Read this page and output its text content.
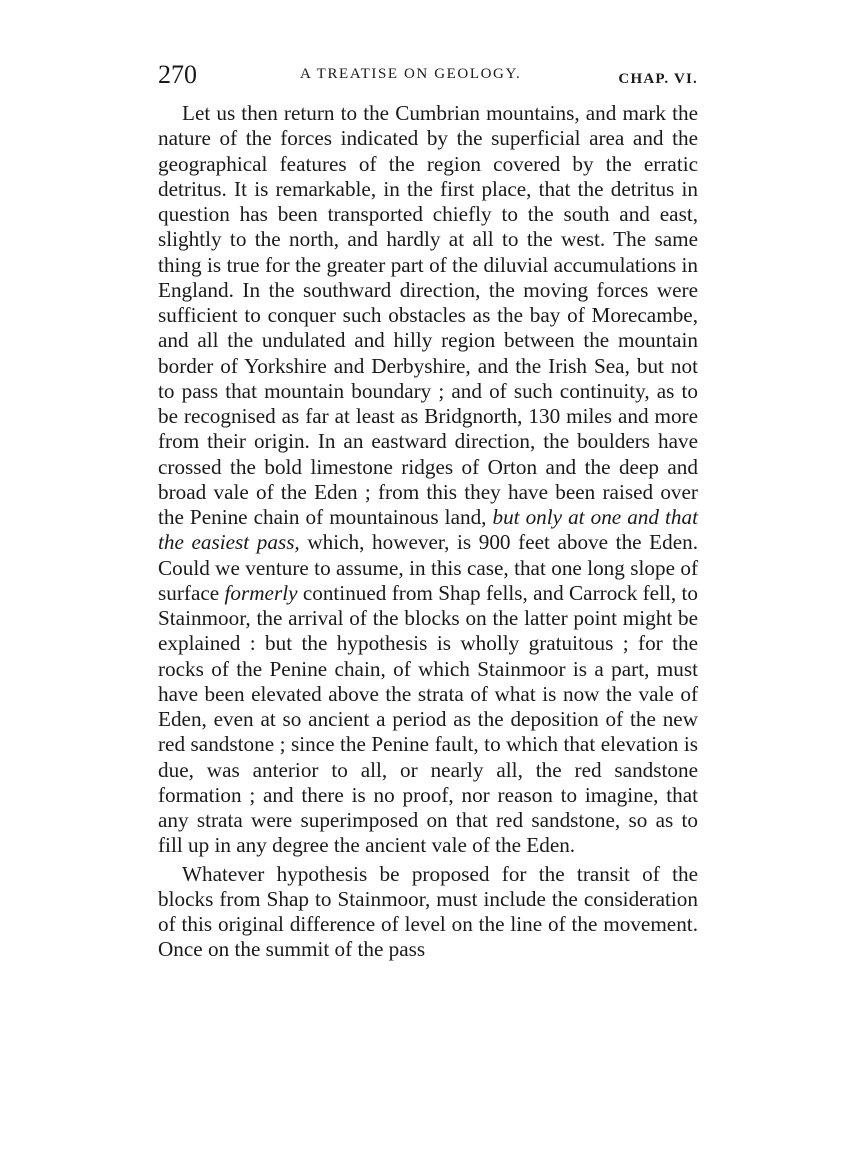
270	A TREATISE ON GEOLOGY.	CHAP. VI.

Let us then return to the Cumbrian mountains, and mark the nature of the forces indicated by the superficial area and the geographical features of the region covered by the erratic detritus. It is remarkable, in the first place, that the detritus in question has been transported chiefly to the south and east, slightly to the north, and hardly at all to the west. The same thing is true for the greater part of the diluvial accumulations in England. In the southward direction, the moving forces were sufficient to conquer such obstacles as the bay of Morecambe, and all the undulated and hilly region between the mountain border of Yorkshire and Derbyshire, and the Irish Sea, but not to pass that mountain boundary ; and of such continuity, as to be recognised as far at least as Bridgnorth, 130 miles and more from their origin. In an eastward direction, the boulders have crossed the bold limestone ridges of Orton and the deep and broad vale of the Eden ; from this they have been raised over the Penine chain of mountainous land, but only at one and that the easiest pass, which, however, is 900 feet above the Eden. Could we venture to assume, in this case, that one long slope of surface formerly continued from Shap fells, and Carrock fell, to Stainmoor, the arrival of the blocks on the latter point might be explained : but the hypothesis is wholly gratuitous ; for the rocks of the Penine chain, of which Stainmoor is a part, must have been elevated above the strata of what is now the vale of Eden, even at so ancient a period as the deposition of the new red sandstone ; since the Penine fault, to which that elevation is due, was anterior to all, or nearly all, the red sandstone formation ; and there is no proof, nor reason to imagine, that any strata were superimposed on that red sandstone, so as to fill up in any degree the ancient vale of the Eden.

Whatever hypothesis be proposed for the transit of the blocks from Shap to Stainmoor, must include the consideration of this original difference of level on the line of the movement. Once on the summit of the pass
